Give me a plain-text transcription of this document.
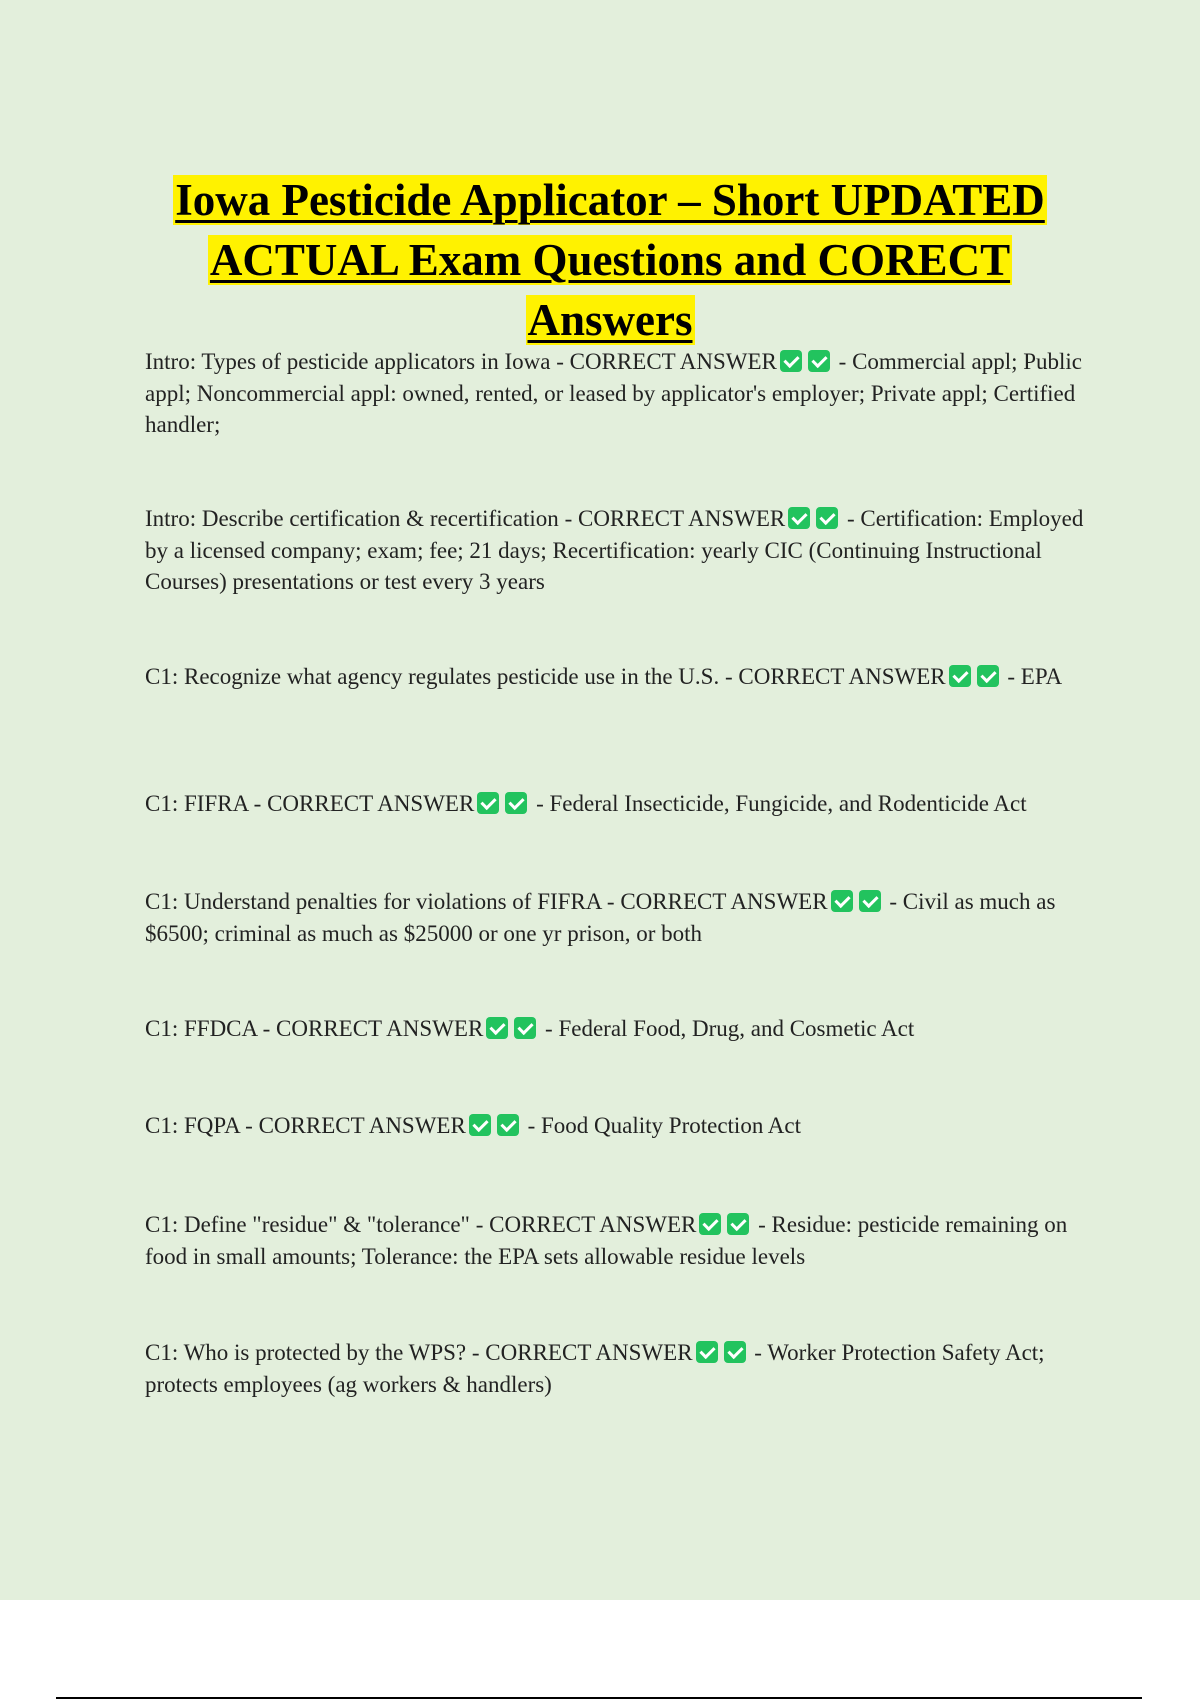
Iowa Pesticide Applicator – Short UPDATED ACTUAL Exam Questions and CORECT Answers
Intro: Types of pesticide applicators in Iowa - CORRECT ANSWER - Commercial appl; Public appl; Noncommercial appl: owned, rented, or leased by applicator's employer; Private appl; Certified handler;
Intro: Describe certification & recertification - CORRECT ANSWER - Certification: Employed by a licensed company; exam; fee; 21 days; Recertification: yearly CIC (Continuing Instructional Courses) presentations or test every 3 years
C1: Recognize what agency regulates pesticide use in the U.S. - CORRECT ANSWER - EPA
C1: FIFRA - CORRECT ANSWER - Federal Insecticide, Fungicide, and Rodenticide Act
C1: Understand penalties for violations of FIFRA - CORRECT ANSWER - Civil as much as $6500; criminal as much as $25000 or one yr prison, or both
C1: FFDCA - CORRECT ANSWER - Federal Food, Drug, and Cosmetic Act
C1: FQPA - CORRECT ANSWER - Food Quality Protection Act
C1: Define "residue" & "tolerance" - CORRECT ANSWER - Residue: pesticide remaining on food in small amounts; Tolerance: the EPA sets allowable residue levels
C1: Who is protected by the WPS? - CORRECT ANSWER - Worker Protection Safety Act; protects employees (ag workers & handlers)
